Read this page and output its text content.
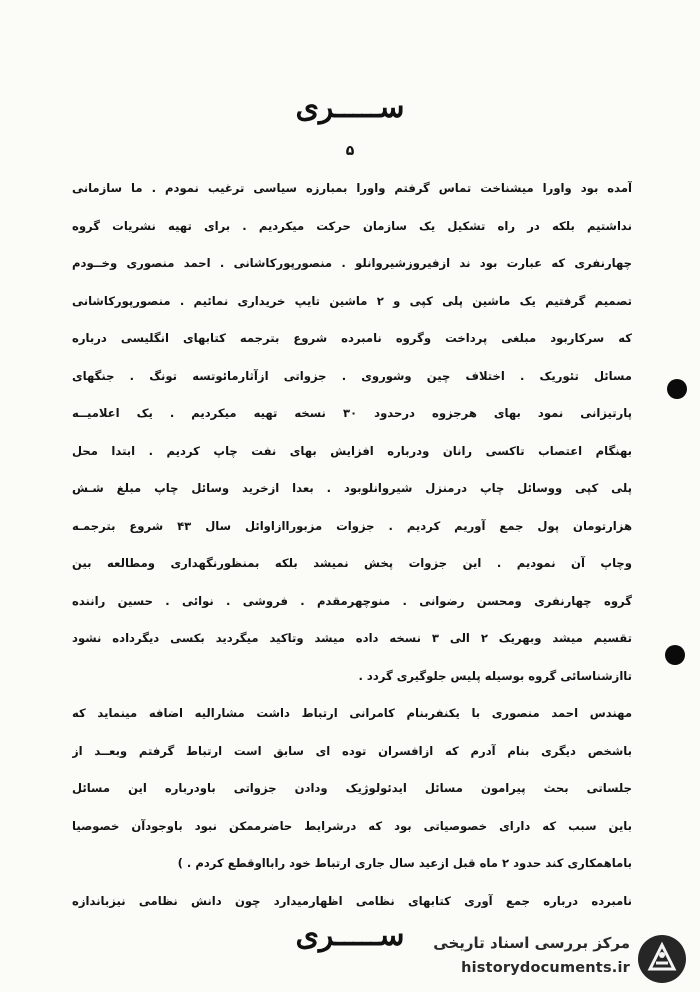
ســـــرى
۵
آمده بود واورا میشناخت تماس گرفتم واورا بمبارزه سیاسی ترغیب نمودم . ما سازمانی
نداشتیم بلکه در راه تشکیل یک سازمان حرکت میکردیم . برای تهیه نشریات گروه
چهارنفری که عبارت بود ند ازفیروزشیروانلو . منصورپورکاشانی . احمد منصوری وخــودم
تصمیم گرفتیم یک ماشین پلی کپی و ۲ ماشین تایپ خریداری نمائیم . منصورپورکاشانی
که سرکاربود مبلغی پرداخت وگروه نامبرده شروع بترجمه کتابهای انگلیسی درباره
مسائل تئوریک . اختلاف چین وشوروی . جزواتی ازآثارمائوتسه تونگ . جنگهای
پارتیزانی نمود بهای هرجزوه درحدود ۳۰ نسخه تهیه میکردیم . یک اعلامیــه
بهنگام اعتصاب تاکسی رانان ودرباره افزایش بهای نفت چاپ کردیم . ابتدا محل
پلی کپی ووسائل چاپ درمنزل شیروانلوبود . بعدا ازخرید وسائل چاپ مبلغ شـش
هزارتومان پول جمع آوریم کردیم . جزوات مزبوراازاوائل سال ۴۳ شروع بترجمـه
وچاپ آن نمودیم . این جزوات پخش نمیشد بلکه بمنظورنگهداری ومطالعه بین
گروه چهارنفری ومحسن رضوانی . منوچهرمقدم . فروشی . نوائی . حسین رانندە
تقسیم میشد وبهریک ۲ الی ۳ نسخه داده میشد وتاکید میگردید بکسی دیگرداده نشود
تاازشناسائی گروه بوسیله پلیس جلوگیری گردد .
مهندس احمد منصوری با یکنفربنام کامرانی ارتباط داشت مشارالیه اضافه مینماید که
باشخص دیگری بنام آدرم که ازافسران توده ای سابق است ارتباط گرفتم وبعــد از
جلساتی بحث پیرامون مسائل ایدئولوژیک ودادن جزواتی باودرباره این مسائل
باین سبب که دارای خصوصیاتی بود که درشرایط حاضرممکن نبود باوجودآن خصوصیا
باماهمکاری کند حدود ۲ ماه قبل ازعید سال جاری ارتباط خود رابااوقطع کردم . )
نامبرده درباره جمع آوری کتابهای نظامی اظهارمیدارد چون دانش نظامی نیزباندازه
ســـــرى	مرکز بررسی اسناد تاریخی
historydocuments.ir
